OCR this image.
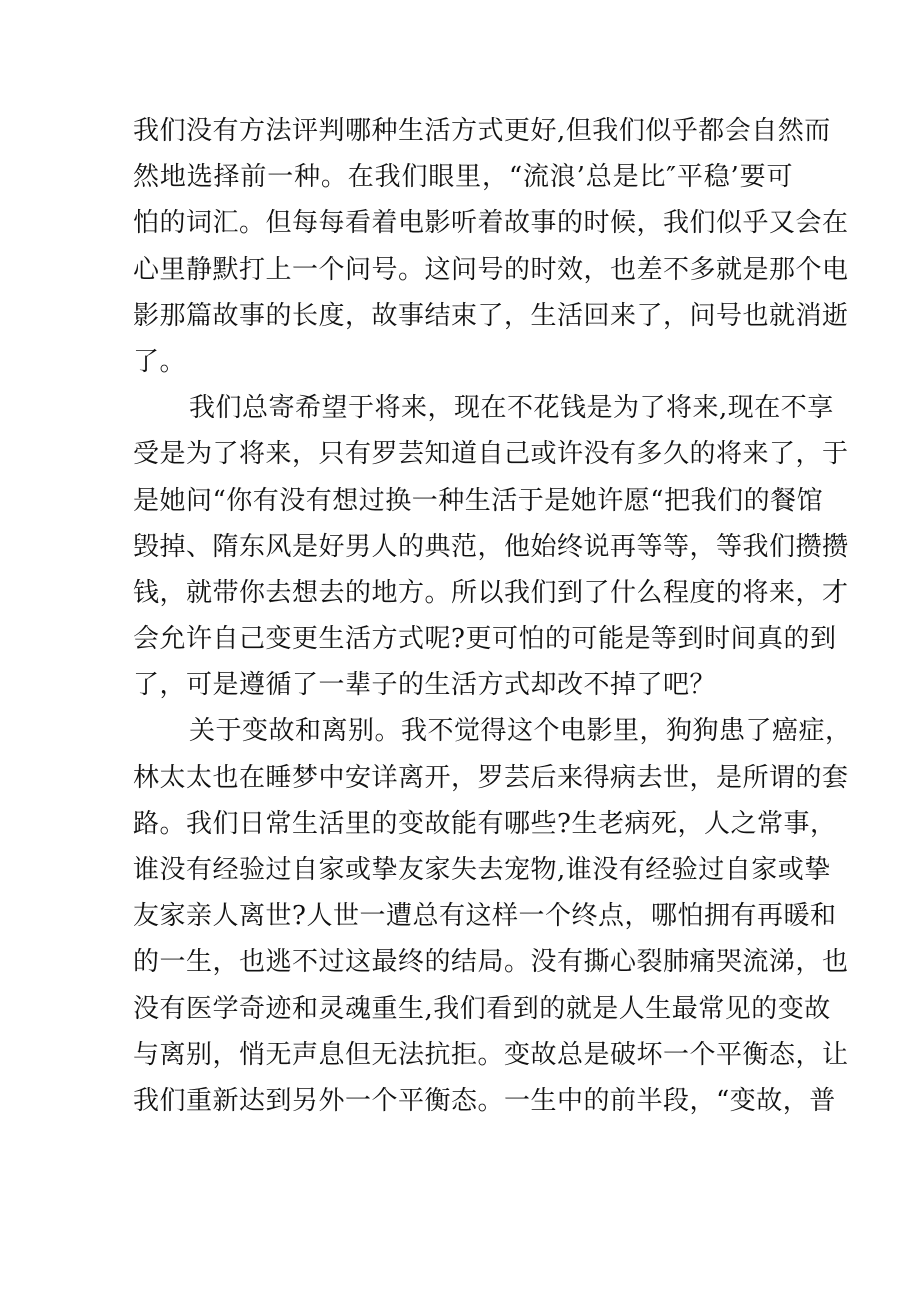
我们没有方法评判哪种生活方式更好,但我们似乎都会自然而
然地选择前一种。在我们眼里，“流浪’总是比″平稳’要可
怕的词汇。但每每看着电影听着故事的时候，我们似乎又会在
心里静默打上一个问号。这问号的时效，也差不多就是那个电
影那篇故事的长度，故事结束了，生活回来了，问号也就消逝
了。
我们总寄希望于将来，现在不花钱是为了将来,现在不享
受是为了将来，只有罗芸知道自己或许没有多久的将来了，于
是她问“你有没有想过换一种生活于是她许愿“把我们的餐馆
毁掉、隋东风是好男人的典范，他始终说再等等，等我们攒攒
钱，就带你去想去的地方。所以我们到了什么程度的将来，才
会允许自己变更生活方式呢?更可怕的可能是等到时间真的到
了，可是遵循了一辈子的生活方式却改不掉了吧？
关于变故和离别。我不觉得这个电影里，狗狗患了癌症，
林太太也在睡梦中安详离开，罗芸后来得病去世，是所谓的套
路。我们日常生活里的变故能有哪些?生老病死，人之常事，
谁没有经验过自家或挚友家失去宠物,谁没有经验过自家或挚
友家亲人离世?人世一遭总有这样一个终点，哪怕拥有再暖和
的一生，也逃不过这最终的结局。没有撕心裂肺痛哭流涕，也
没有医学奇迹和灵魂重生,我们看到的就是人生最常见的变故
与离别，悄无声息但无法抗拒。变故总是破坏一个平衡态，让
我们重新达到另外一个平衡态。一生中的前半段，“变故，普
